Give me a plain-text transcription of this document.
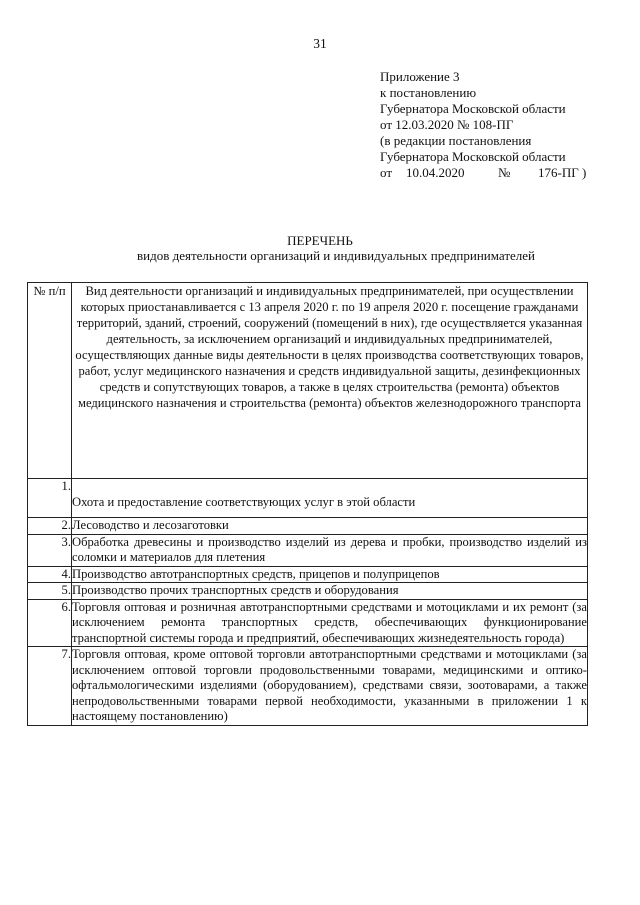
31
Приложение 3
к постановлению
Губернатора Московской области
от 12.03.2020 № 108-ПГ
(в редакции постановления
Губернатора Московской области
от	10.04.2020	№	176-ПГ )
ПЕРЕЧЕНЬ
видов деятельности организаций и индивидуальных предпринимателей
№ п/п	Вид деятельности организаций и индивидуальных предпринимателей, при осуществлении которых приостанавливается с 13 апреля 2020 г. по 19 апреля 2020 г. посещение гражданами территорий, зданий, строений, сооружений (помещений в них), где осуществляется указанная деятельность, за исключением организаций и индивидуальных предпринимателей, осуществляющих данные виды деятельности в целях производства соответствующих товаров, работ, услуг медицинского назначения и средств индивидуальной защиты, дезинфекционных средств и сопутствующих товаров, а также в целях строительства (ремонта) объектов медицинского назначения и строительства (ремонта) объектов железнодорожного транспорта
1.	Охота и предоставление соответствующих услуг в этой области
2.	Лесоводство и лесозаготовки
3.	Обработка древесины и производство изделий из дерева и пробки, производство изделий из соломки и материалов для плетения
4.	Производство автотранспортных средств, прицепов и полуприцепов
5.	Производство прочих транспортных средств и оборудования
6.	Торговля оптовая и розничная автотранспортными средствами и мотоциклами и их ремонт (за исключением ремонта транспортных средств, обеспечивающих функционирование транспортной системы города и предприятий, обеспечивающих жизнедеятельность города)
7.	Торговля оптовая, кроме оптовой торговли автотранспортными средствами и мотоциклами (за исключением оптовой торговли продовольственными товарами, медицинскими и оптико-офтальмологическими изделиями (оборудованием), средствами связи, зоотоварами, а также непродовольственными товарами первой необходимости, указанными в приложении 1 к настоящему постановлению)
